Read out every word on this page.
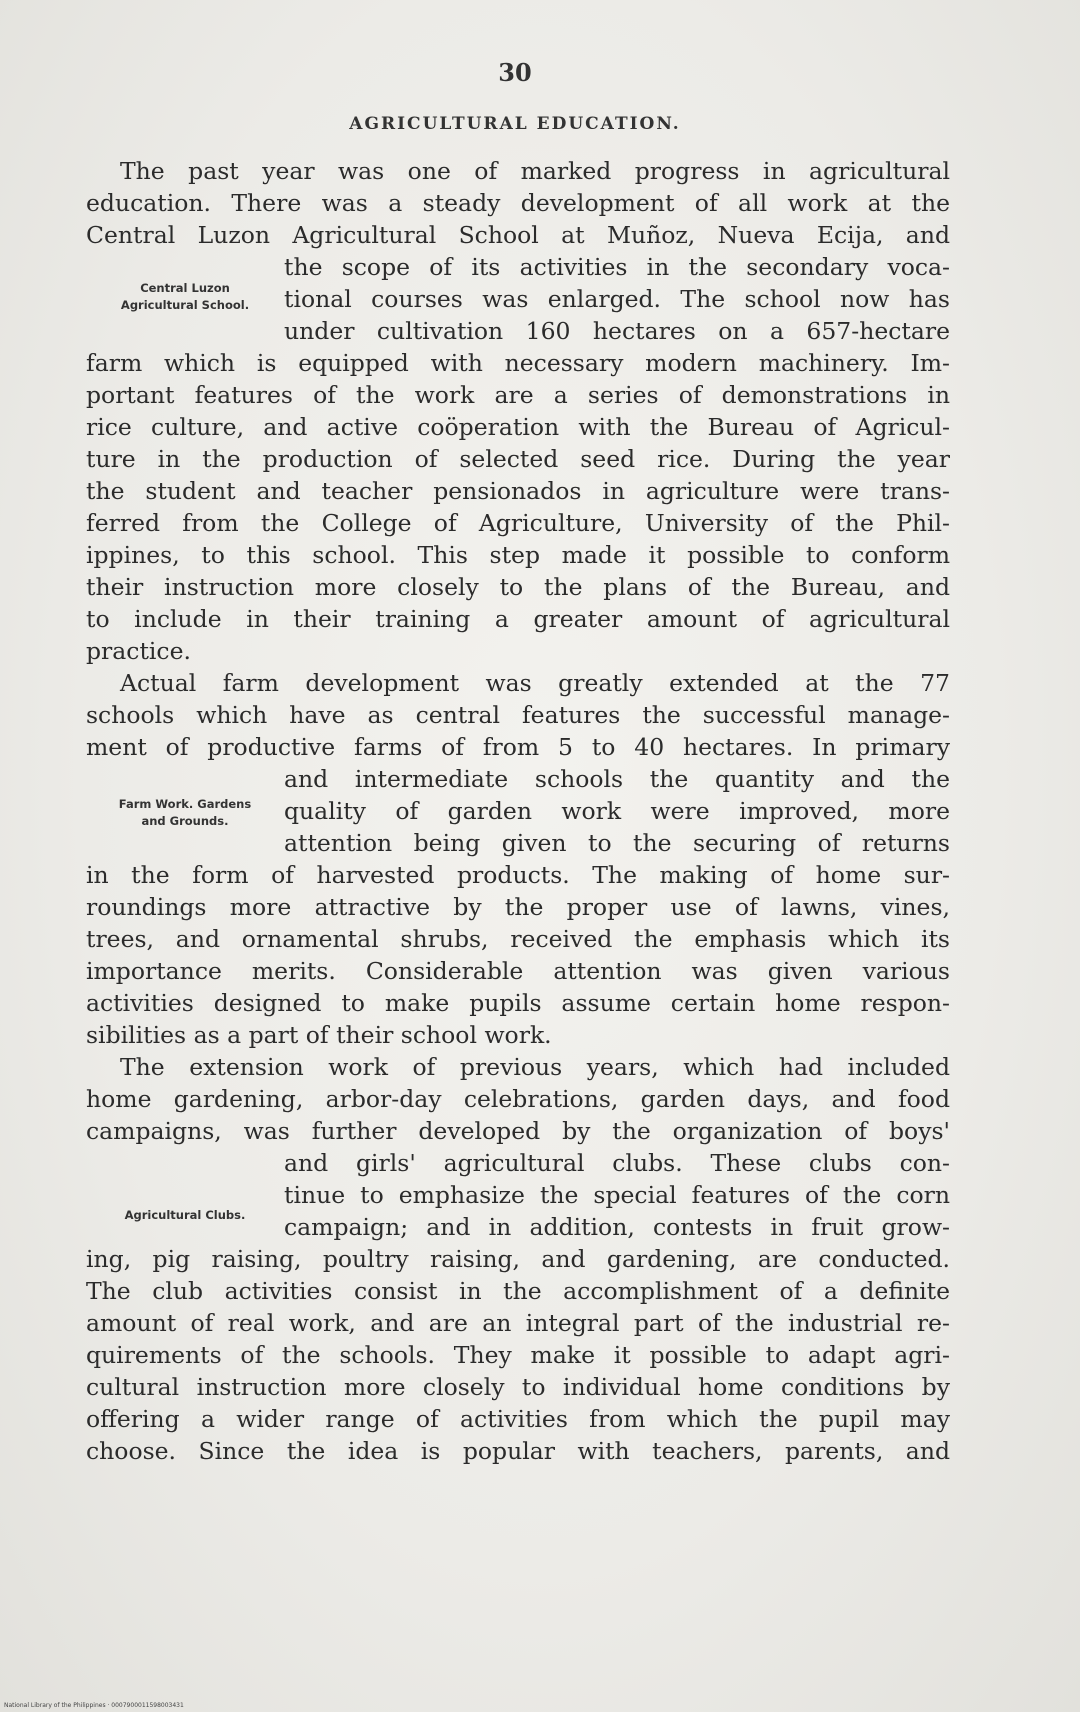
30
AGRICULTURAL EDUCATION.
Central Luzon Agricultural School.
Farm Work. Gardens and Grounds.
Agricultural Clubs.
The past year was one of marked progress in agricultural
education. There was a steady development of all work at the
Central Luzon Agricultural School at Muñoz, Nueva Ecija, and
the scope of its activities in the secondary voca-
tional courses was enlarged. The school now has
under cultivation 160 hectares on a 657-hectare
farm which is equipped with necessary modern machinery. Im-
portant features of the work are a series of demonstrations in
rice culture, and active coöperation with the Bureau of Agricul-
ture in the production of selected seed rice. During the year
the student and teacher pensionados in agriculture were trans-
ferred from the College of Agriculture, University of the Phil-
ippines, to this school. This step made it possible to conform
their instruction more closely to the plans of the Bureau, and
to include in their training a greater amount of agricultural
practice.
Actual farm development was greatly extended at the 77
schools which have as central features the successful manage-
ment of productive farms of from 5 to 40 hectares. In primary
and intermediate schools the quantity and the
quality of garden work were improved, more
attention being given to the securing of returns
in the form of harvested products. The making of home sur-
roundings more attractive by the proper use of lawns, vines,
trees, and ornamental shrubs, received the emphasis which its
importance merits. Considerable attention was given various
activities designed to make pupils assume certain home respon-
sibilities as a part of their school work.
The extension work of previous years, which had included
home gardening, arbor-day celebrations, garden days, and food
campaigns, was further developed by the organization of boys'
and girls' agricultural clubs. These clubs con-
tinue to emphasize the special features of the corn
campaign; and in addition, contests in fruit grow-
ing, pig raising, poultry raising, and gardening, are conducted.
The club activities consist in the accomplishment of a definite
amount of real work, and are an integral part of the industrial re-
quirements of the schools. They make it possible to adapt agri-
cultural instruction more closely to individual home conditions by
offering a wider range of activities from which the pupil may
choose. Since the idea is popular with teachers, parents, and
National Library of the Philippines · 0007900011598003431
